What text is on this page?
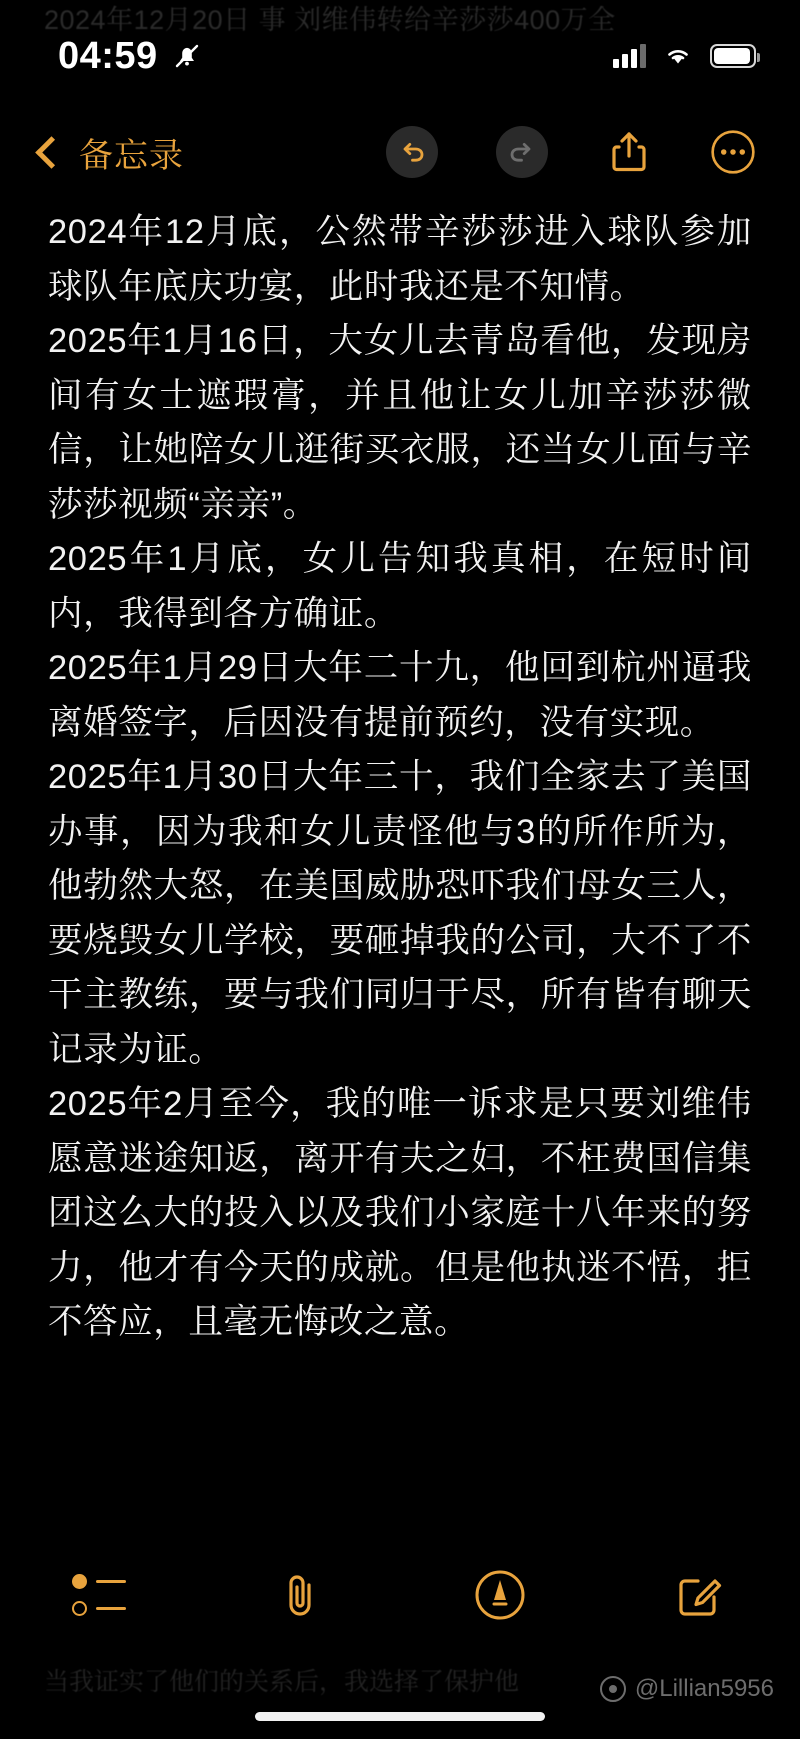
2024年12月20日 事 刘维伟转给辛莎莎400万全
04:59
备忘录

2024年12月底，公然带辛莎莎进入球队参加球队年底庆功宴，此时我还是不知情。

2025年1月16日，大女儿去青岛看他，发现房间有女士遮瑕膏，并且他让女儿加辛莎莎微信，让她陪女儿逛街买衣服，还当女儿面与辛莎莎视频“亲亲”。

2025年1月底，女儿告知我真相，在短时间内，我得到各方确证。

2025年1月29日大年二十九，他回到杭州逼我离婚签字，后因没有提前预约，没有实现。

2025年1月30日大年三十，我们全家去了美国办事，因为我和女儿责怪他与3的所作所为，他勃然大怒，在美国威胁恐吓我们母女三人，要烧毁女儿学校，要砸掉我的公司，大不了不干主教练，要与我们同归于尽，所有皆有聊天记录为证。

2025年2月至今，我的唯一诉求是只要刘维伟愿意迷途知返，离开有夫之妇，不枉费国信集团这么大的投入以及我们小家庭十八年来的努力，他才有今天的成就。但是他执迷不悟，拒不答应，且毫无悔改之意。

当我证实了他们的关系后，我选择了保护他	@Lillian5956
